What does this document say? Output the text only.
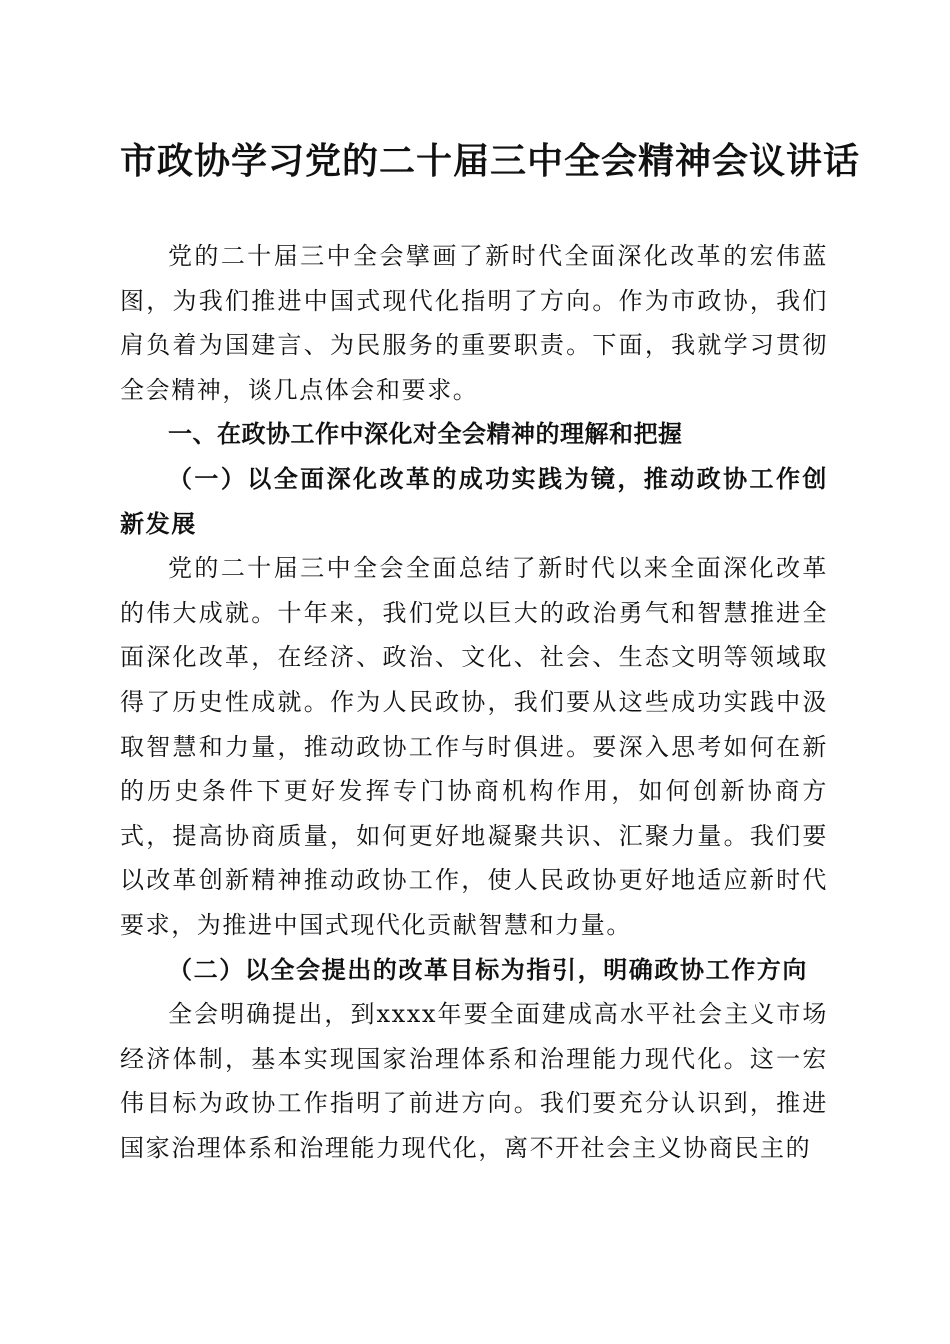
市政协学习党的二十届三中全会精神会议讲话

党的二十届三中全会擘画了新时代全面深化改革的宏伟蓝图，为我们推进中国式现代化指明了方向。作为市政协，我们肩负着为国建言、为民服务的重要职责。下面，我就学习贯彻全会精神，谈几点体会和要求。

一、在政协工作中深化对全会精神的理解和把握

（一）以全面深化改革的成功实践为镜，推动政协工作创新发展

党的二十届三中全会全面总结了新时代以来全面深化改革的伟大成就。十年来，我们党以巨大的政治勇气和智慧推进全面深化改革，在经济、政治、文化、社会、生态文明等领域取得了历史性成就。作为人民政协，我们要从这些成功实践中汲取智慧和力量，推动政协工作与时俱进。要深入思考如何在新的历史条件下更好发挥专门协商机构作用，如何创新协商方式，提高协商质量，如何更好地凝聚共识、汇聚力量。我们要以改革创新精神推动政协工作，使人民政协更好地适应新时代要求，为推进中国式现代化贡献智慧和力量。

（二）以全会提出的改革目标为指引，明确政协工作方向

全会明确提出，到xxxx年要全面建成高水平社会主义市场经济体制，基本实现国家治理体系和治理能力现代化。这一宏伟目标为政协工作指明了前进方向。我们要充分认识到，推进国家治理体系和治理能力现代化，离不开社会主义协商民主的
